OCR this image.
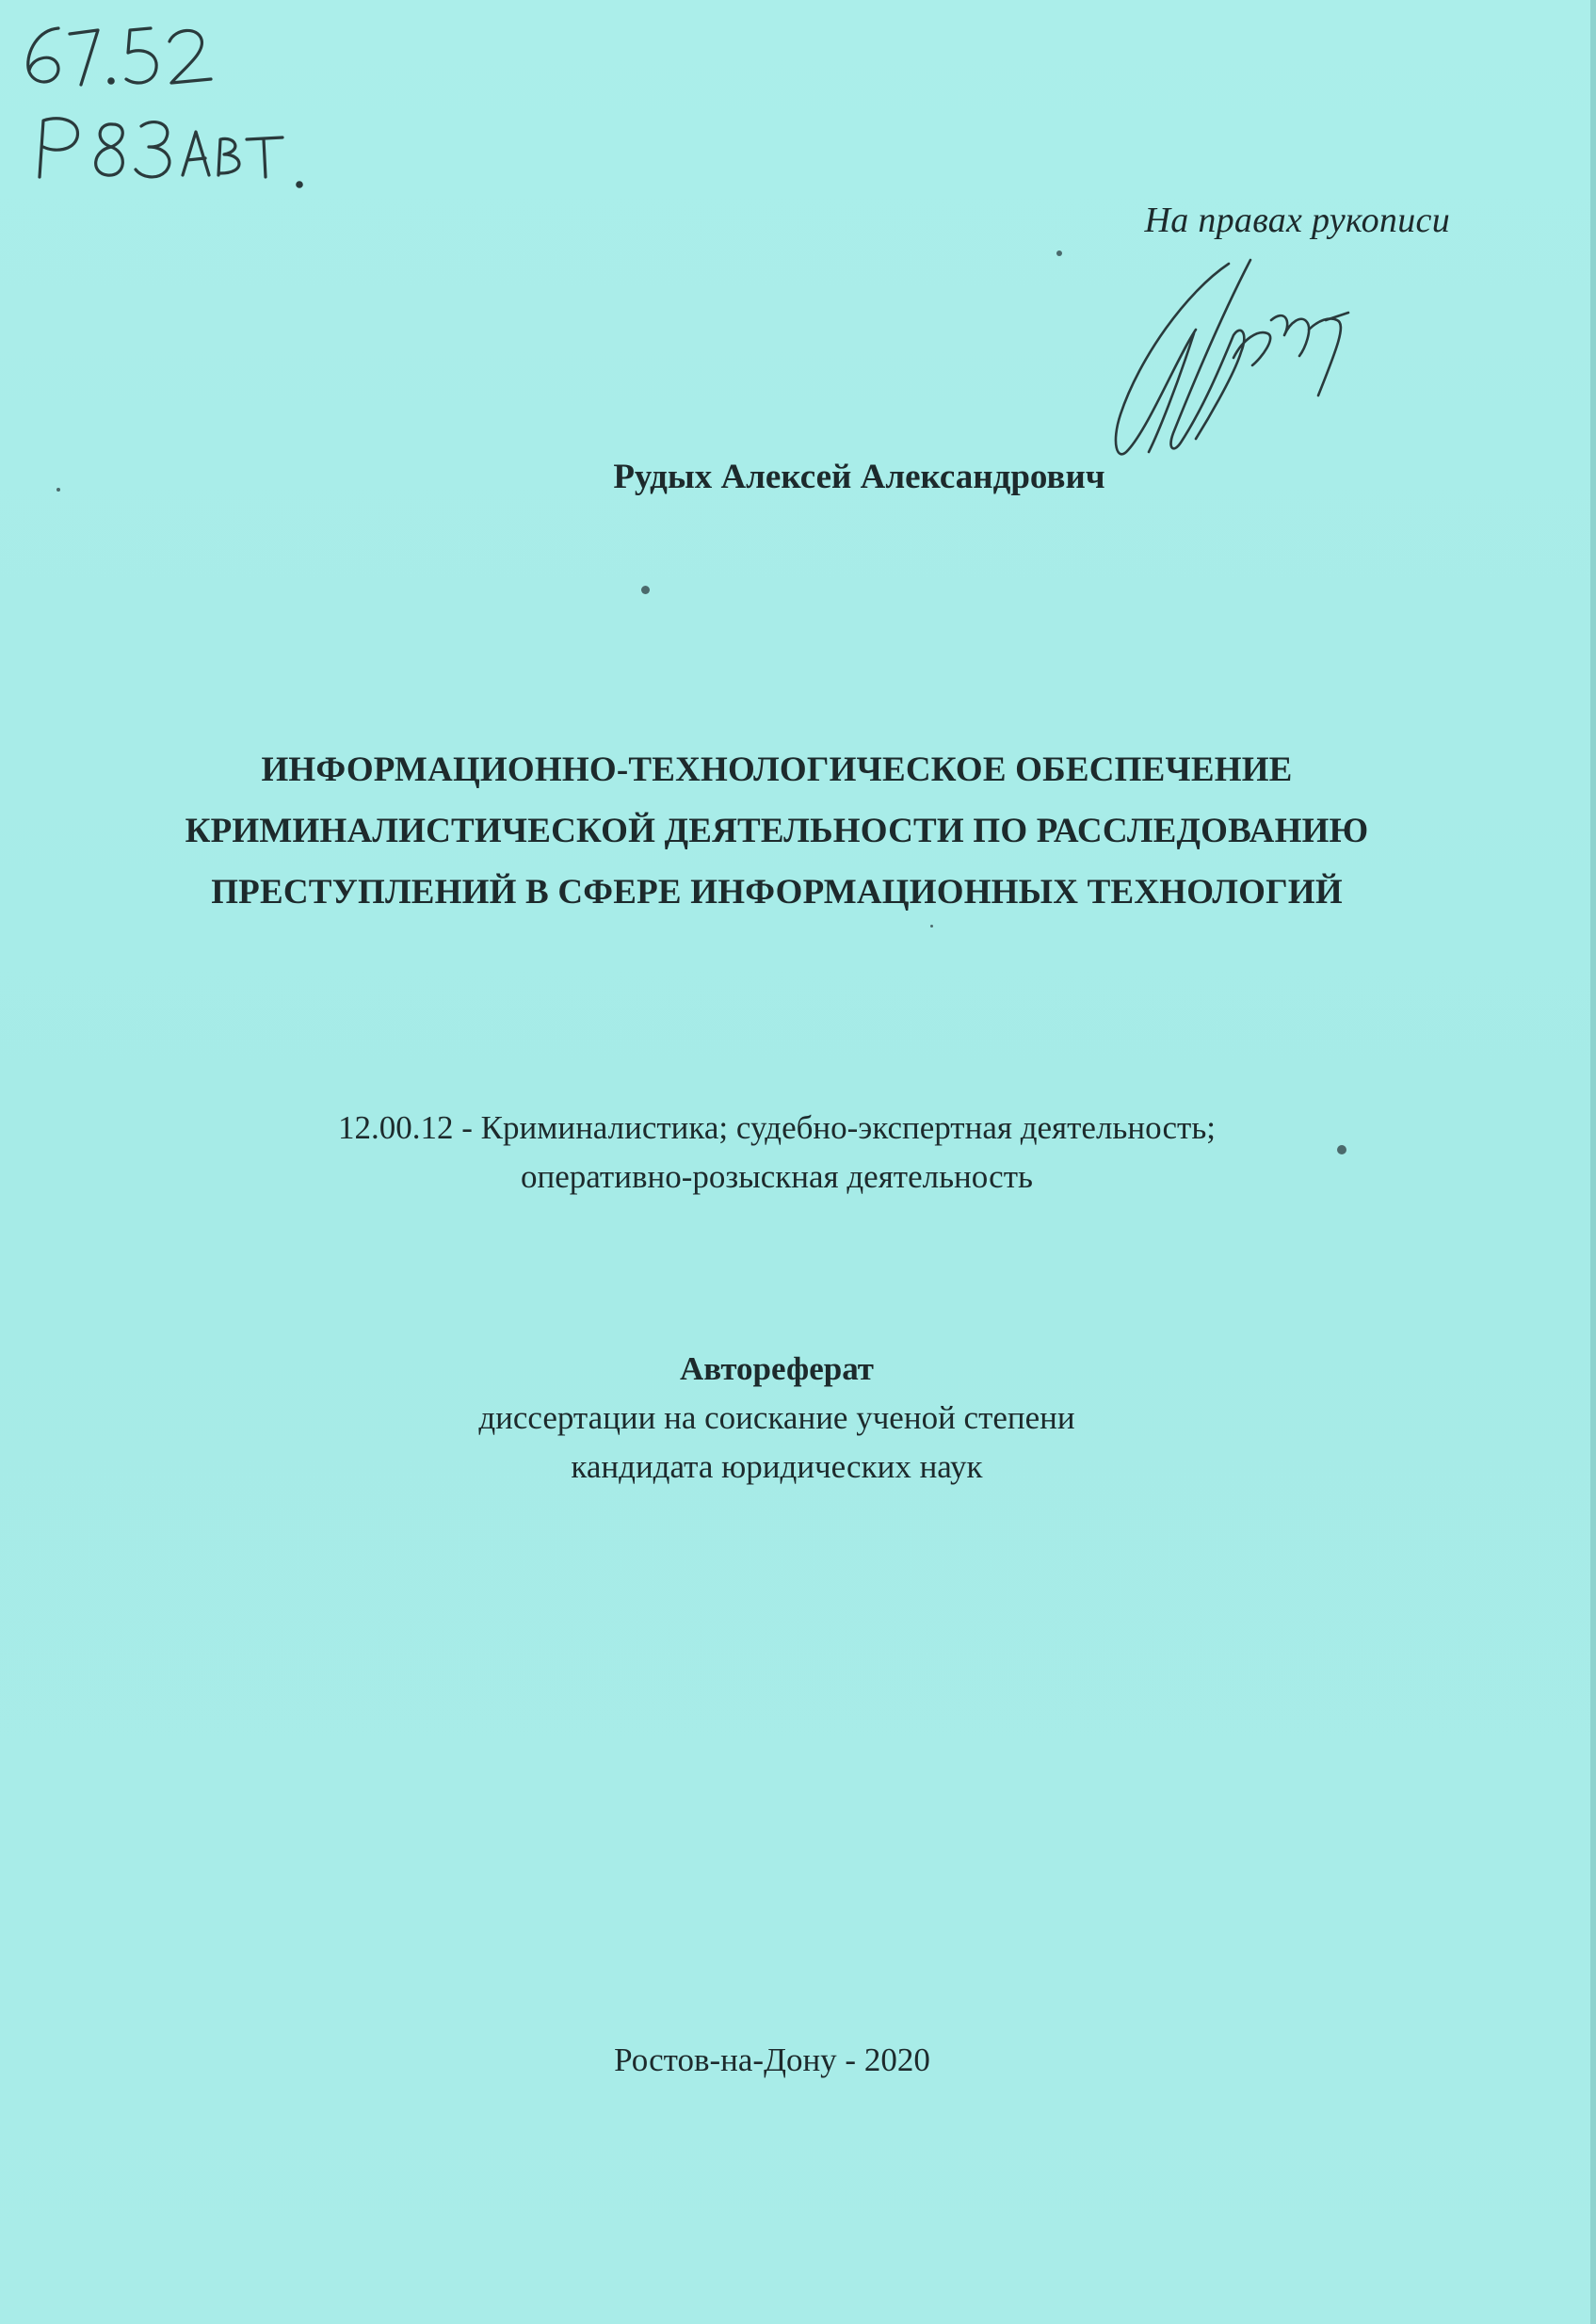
На правах рукописи
Рудых Алексей Александрович
ИНФОРМАЦИОННО-ТЕХНОЛОГИЧЕСКОЕ ОБЕСПЕЧЕНИЕ
КРИМИНАЛИСТИЧЕСКОЙ ДЕЯТЕЛЬНОСТИ ПО РАССЛЕДОВАНИЮ
ПРЕСТУПЛЕНИЙ В СФЕРЕ ИНФОРМАЦИОННЫХ ТЕХНОЛОГИЙ
12.00.12 - Криминалистика; судебно-экспертная деятельность;
оперативно-розыскная деятельность
Автореферат
диссертации на соискание ученой степени
кандидата юридических наук
Ростов-на-Дону - 2020
